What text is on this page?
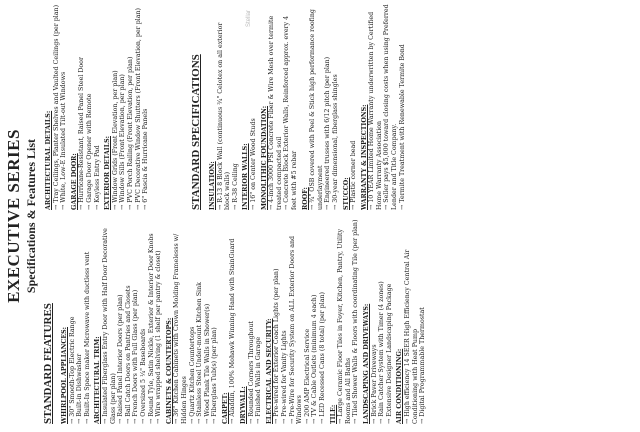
EXECUTIVE SERIES Specifications & Features List
STANDARD FEATURES WHIRLPOOL APPLIANCES: → 30" Smooth-Top Electric Range → Built-in Dishwasher → Built-In Space maker Microwave with ductless vent ARCHITECTURAL TRIM: → Insulated Fiberglass Entry Door with Half Door Decorative Glass (per plan) → Raised Panel Interior Doors (per plan) → Ball Catch Doors on Pantries and Closets → French Doors with Full Glass (per plan) → Oversized 5 ¼" Baseboards → Round Tyle, Satin Nickle, Exterior & Interior Door Knobs → Wire wrapped shelving (1 shelf per pantry & closet) CABINETS & COUNTERTOPS: → 36" Kitchen Cabinets with Crown Molding Framelesss w/ Hidden Hinges → Quartz Kitchen Countertops → Stainless Steel Under-mount Kitchen Sink → Wood Plank Tile Walls in Shower(s) → Fiberglass Tub(s) (per plan) CARPET: → Aladdin, 100% Mohawk Winning Hand with StainGuard DRYWALL: → Rounded Corners Throughout → Finished Walls in Garage ELECTRICAL AND SECURITY: → Pre-wired for Exterior Coach Lights (per plan) → Pre-wired for Vanity Lights → Pre-Wire for Security System on ALL Exterior Doors and Windows → 200 AMP Electrical Service → TV & Cable Outlets (minimum 4 each) → LED Recessed Cans (8 total) (per plan) TILE: → Large Ceramic Floor Tiles in Foyer, Kitchen, Pantry, Utility Rooms and All Baths → Tiled Shower Walls & Floors with coordinating Tile (per plan) LANDSCAPING AND DRIVEWAYS: → Brick Paver Driveways → Rain Catcher System with Timer (4 zones) → Extensive Designer Landscaping Package AIR CONDITIONING: → High efficiency 14 SEER High Efficiency Central Air Conditioning with Heat Pump → Digital Programmable Thermostat
ARCHITECTURAL DETAILS: → Tray Ceilings, Planter Shelves and Vaulted Ceilings (per plan) → White, Low-E Insulated Tilt-out Windows GARAGE DOOR: → Hurricane-Resistant, Raised Panel Steel Door → Garage Door Opener with Remote → Keyless Entry Pad EXTERIOR DETAILS: → Window Grids (Front Elevation, per plan) → Window Sills (Front Elevation, per plan) → PVC Porch Railing (Front Elevation, per plan) → PVC Decorative Window Shutters (Front Elevation, per plan) → 6" Fascia & Hurricane Panels	STANDARD SPECIFICATIONS INSULATION: → R-13 8 Block Wall (continuous ¾" Celotex on all exterior block walls) → R-38 Ceiling INTERIOR WALLS: → 16" on Center Wood Studs MONOLITHIC FOUNDATION: → 4-inch 3000 PSI Concrete Fiber & Wire Mesh over termite treated compacted soil → Concrete Block Exterior Walls, Reinforced approx. every 4 feet with #5 rebar ROOF: → ¾" OSB covered with Peel & Stick high performance roofing underlayment → Engineered trusses with 6/12 pitch (per plan) → 30-year dimensional, fiberglass shingles STUCCO: → Plastic corner bead WARRANTY & INSPECTIONS: → 10 YEAR Limited Home Warranty underwritten by Certified Home Warranty Association → Seller pays $5,000 toward closing costs when using Preferred Lender and Title Company. → Termite Treatment with Renewable Termite Bond
Stellar
